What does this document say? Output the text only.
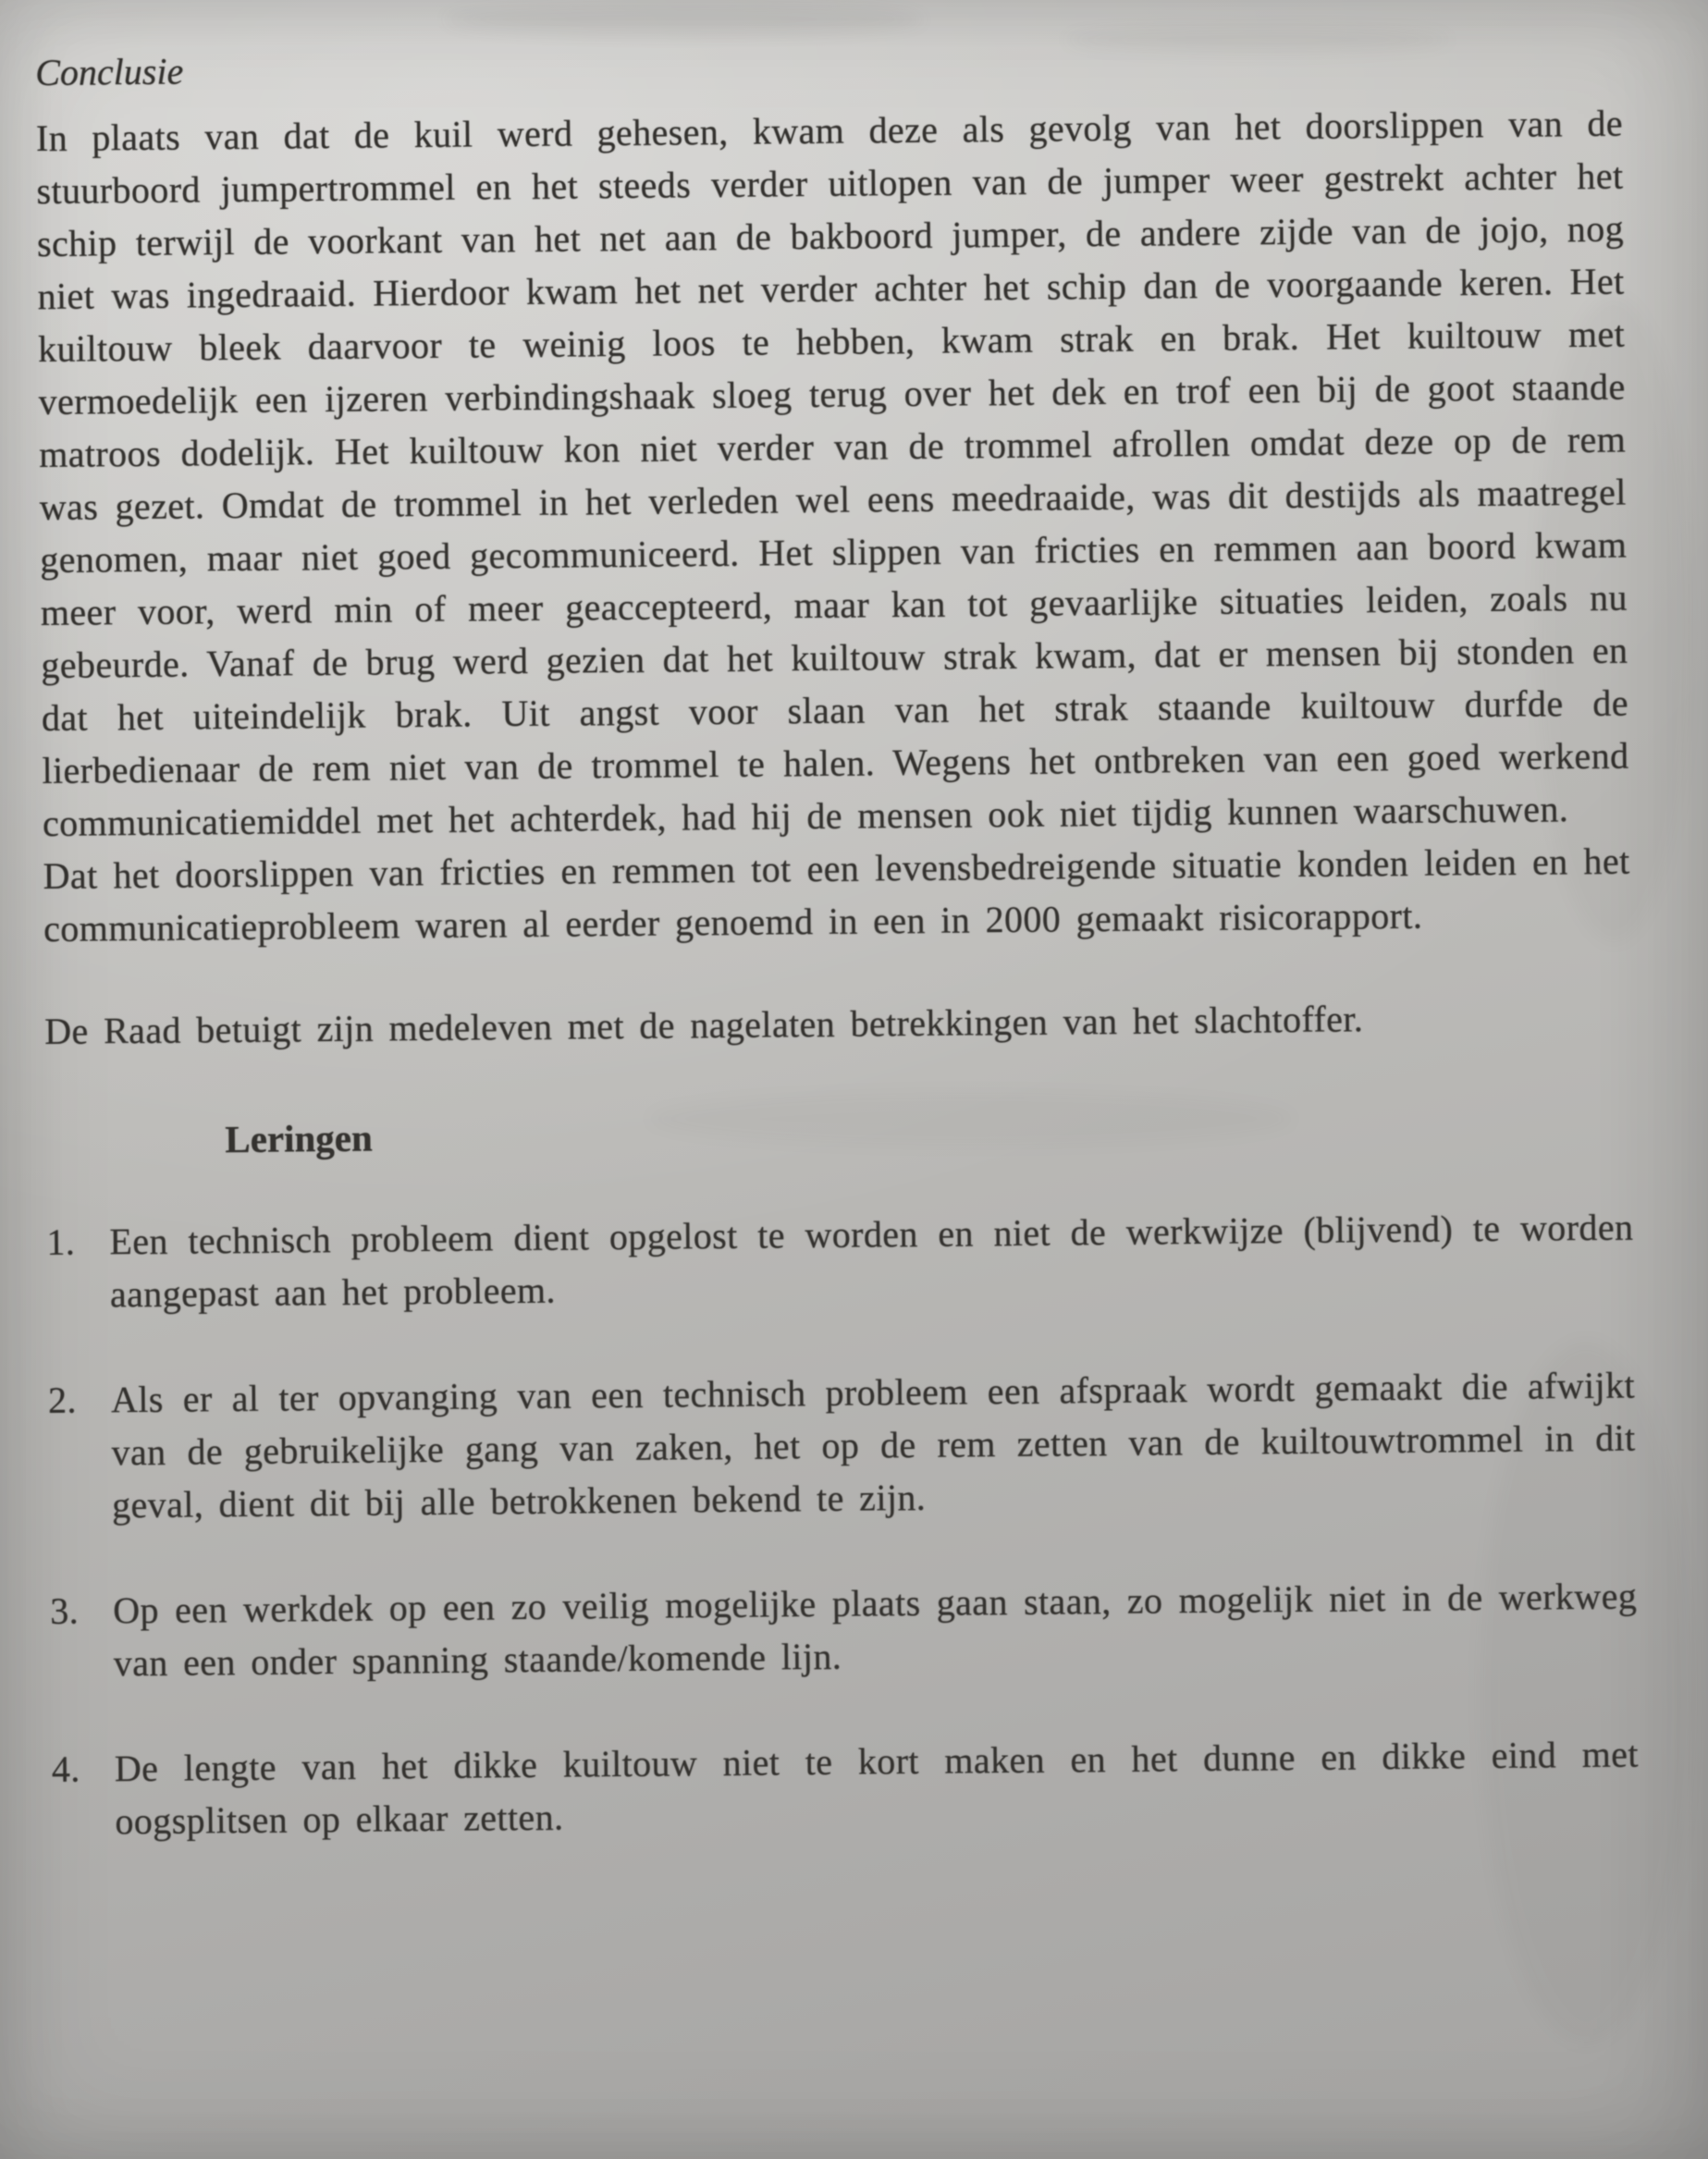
Conclusie

In plaats van dat de kuil werd gehesen, kwam deze als gevolg van het doorslippen van de stuurboord jumpertrommel en het steeds verder uitlopen van de jumper weer gestrekt achter het schip terwijl de voorkant van het net aan de bakboord jumper, de andere zijde van de jojo, nog niet was ingedraaid. Hierdoor kwam het net verder achter het schip dan de voorgaande keren. Het kuiltouw bleek daarvoor te weinig loos te hebben, kwam strak en brak. Het kuiltouw met vermoedelijk een ijzeren verbindingshaak sloeg terug over het dek en trof een bij de goot staande matroos dodelijk. Het kuiltouw kon niet verder van de trommel afrollen omdat deze op de rem was gezet. Omdat de trommel in het verleden wel eens meedraaide, was dit destijds als maatregel genomen, maar niet goed gecommuniceerd. Het slippen van fricties en remmen aan boord kwam meer voor, werd min of meer geaccepteerd, maar kan tot gevaarlijke situaties leiden, zoals nu gebeurde. Vanaf de brug werd gezien dat het kuiltouw strak kwam, dat er mensen bij stonden en dat het uiteindelijk brak. Uit angst voor slaan van het strak staande kuiltouw durfde de lierbedienaar de rem niet van de trommel te halen. Wegens het ontbreken van een goed werkend communicatiemiddel met het achterdek, had hij de mensen ook niet tijdig kunnen waarschuwen.

Dat het doorslippen van fricties en remmen tot een levensbedreigende situatie konden leiden en het communicatieprobleem waren al eerder genoemd in een in 2000 gemaakt risicorapport.

De Raad betuigt zijn medeleven met de nagelaten betrekkingen van het slachtoffer.

Leringen
1. Een technisch probleem dient opgelost te worden en niet de werkwijze (blijvend) te worden aangepast aan het probleem.
2. Als er al ter opvanging van een technisch probleem een afspraak wordt gemaakt die afwijkt van de gebruikelijke gang van zaken, het op de rem zetten van de kuiltouwtrommel in dit geval, dient dit bij alle betrokkenen bekend te zijn.
3. Op een werkdek op een zo veilig mogelijke plaats gaan staan, zo mogelijk niet in de werkweg van een onder spanning staande/komende lijn.
4. De lengte van het dikke kuiltouw niet te kort maken en het dunne en dikke eind met oogsplitsen op elkaar zetten.
